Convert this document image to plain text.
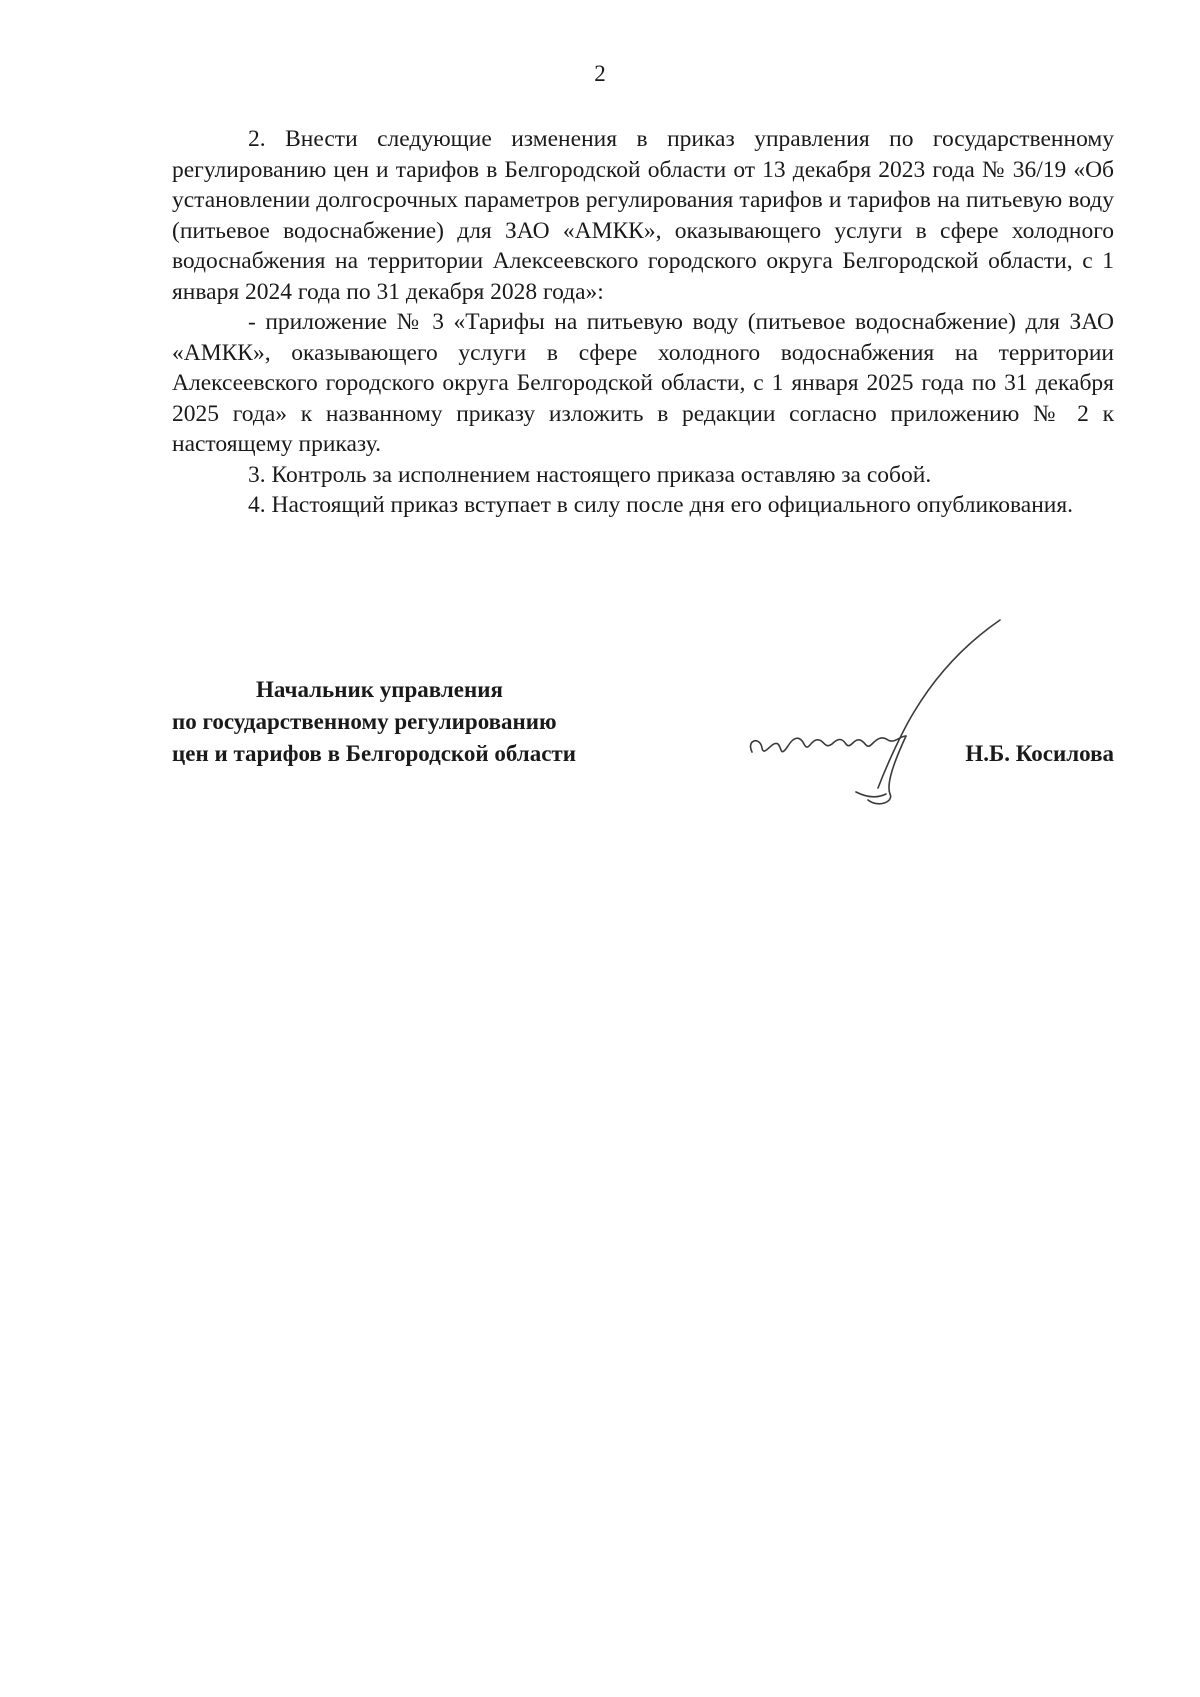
2

2. Внести следующие изменения в приказ управления по государственному регулированию цен и тарифов в Белгородской области от 13 декабря 2023 года № 36/19 «Об установлении долгосрочных параметров регулирования тарифов и тарифов на питьевую воду (питьевое водоснабжение) для ЗАО «АМКК», оказывающего услуги в сфере холодного водоснабжения на территории Алексеевского городского округа Белгородской области, с 1 января 2024 года по 31 декабря 2028 года»:

- приложение № 3 «Тарифы на питьевую воду (питьевое водоснабжение) для ЗАО «АМКК», оказывающего услуги в сфере холодного водоснабжения на территории Алексеевского городского округа Белгородской области, с 1 января 2025 года по 31 декабря 2025 года» к названному приказу изложить в редакции согласно приложению № 2 к настоящему приказу.

3. Контроль за исполнением настоящего приказа оставляю за собой.

4. Настоящий приказ вступает в силу после дня его официального опубликования.

Начальник управления
по государственному регулированию
цен и тарифов в Белгородской области	Н.Б. Косилова
